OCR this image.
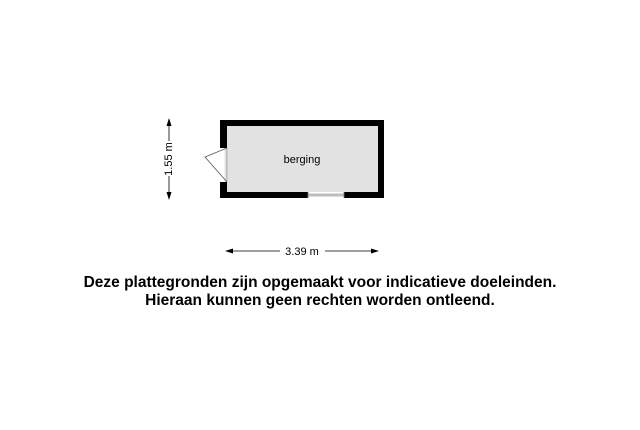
berging
1.55 m
3.39 m
Deze plattegronden zijn opgemaakt voor indicatieve doeleinden.
Hieraan kunnen geen rechten worden ontleend.
